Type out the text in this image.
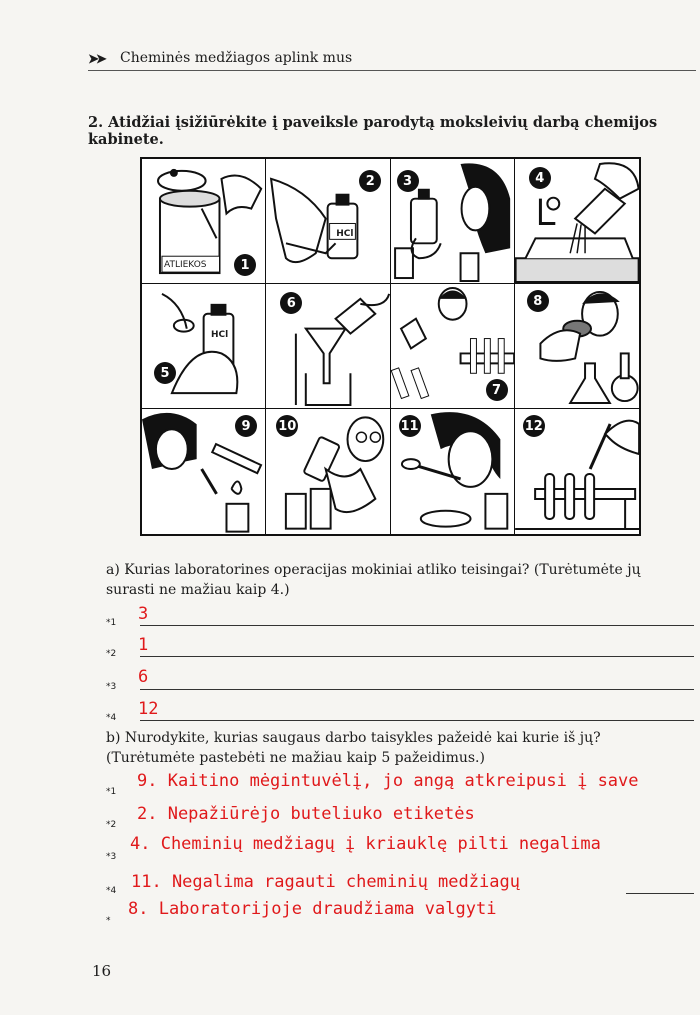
➤➤ Cheminės medžiagos aplink mus
2. Atidžiai įsižiūrėkite į paveiksle parodytą moksleivių darbą chemijos kabinete.
ATLIEKOS	1
HCl
2	3	4
HCl
5
6
7
8
9	10	11	12
a) Kurias laboratorines operacijas mokiniai atliko teisingai? (Turėtumėte jų surasti ne mažiau kaip 4.)
*1 3
*2 1
*3 6
*4 12
b) Nurodykite, kurias saugaus darbo taisykles pažeidė kai kurie iš jų? (Turėtumėte pastebėti ne mažiau kaip 5 pažeidimus.)
*1
9. Kaitino mėgintuvėlį, jo angą atkreipusi į save
*2
2. Nepažiūrėjo buteliuko etiketės
*3
4. Cheminių medžiagų į kriauklę pilti negalima
*4 11. Negalima ragauti cheminių medžiagų
*
8. Laboratorijoje draudžiama valgyti
16
